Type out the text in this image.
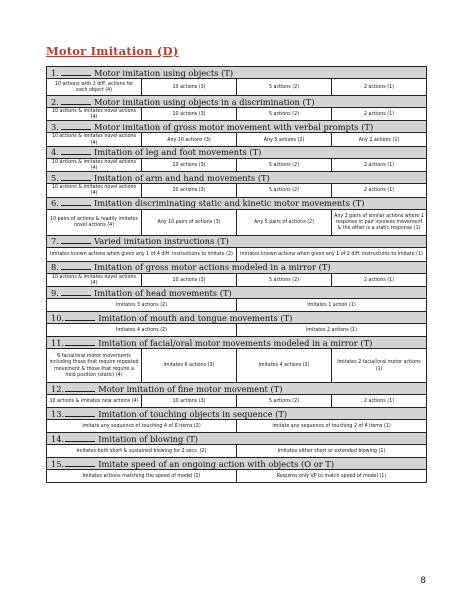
Motor Imitation (D)
1. Motor imitation using objects (T)			
10 actions with 2 diff. actions for each object (4)	10 actions (3)	5 actions (2)	2 actions (1)
2. Motor imitation using objects in a discrimination (T)			
10 actions & imitates novel actions (4)	10 actions (3)	5 actions (2)	2 actions (1)
3. Motor imitation of gross motor movement with verbal prompts (T)			
10 actions & imitates novel actions (4)	Any 10 actions (3)	Any 5 actions (2)	Any 2 actions (1)
4. Imitation of leg and foot movements (T)			
10 actions & imitates novel actions (4)	10 actions (3)	5 actions (2)	2 actions (1)
5. Imitation of arm and hand movements (T)			
10 actions & imitates novel actions (4)	10 actions (3)	5 actions (2)	2 actions (1)
6. Imitation discriminating static and kinetic motor movements (T)			
10 pairs of actions & readily imitates novel actions (4)	Any 10 pairs of actions (3)	Any 5 pairs of actions (2)	Any 2 pairs of similar actions where 1 response in pair involves movement & the other is a static response (1)
7. Varied imitation instructions (T)			
Imitates known actions when given any 1 of 4 diff. instructions to imitate (2)		Imitates known actions when given any 1 of 2 diff. instructions to imitate (1)	
8. Imitation of gross motor actions modeled in a mirror (T)			
10 actions & imitates novel actions (4)	10 actions (3)	5 actions (2)	2 actions (1)
9. Imitation of head movements (T)			
Imitates 3 actions (2)		Imitates 1 action (1)	
10. Imitation of mouth and tongue movements (T)			
Imitates 4 actions (2)		Imitates 2 actions (1)	
11. Imitation of facial/oral motor movements modeled in a mirror (T)			
6 facial/oral motor movements including those that require repeated movement & those that require a held position (static) (4)	Imitates 6 actions (3)	Imitates 4 actions (2)	Imitates 2 facial/oral motor actions (1)
12. Motor imitation of fine motor movement (T)			
10 actions & imitates new actions (4)	10 actions (3)	5 actions (2)	2 actions (1)
13. Imitation of touching objects in sequence (T)			
Imitate any sequence of touching 4 of 6 items (2)		Imitate any sequence of touching 2 of 4 items (1)	
14. Imitation of blowing (T)			
Imitates both short & sustained blowing for 2 secs. (2)		Imitates either short or extended blowing (1)	
15. Imitate speed of an ongoing action with objects (O or T)			
Imitates actions matching the speed of model (2)		Requires only VP to match speed of model (1)	
8
